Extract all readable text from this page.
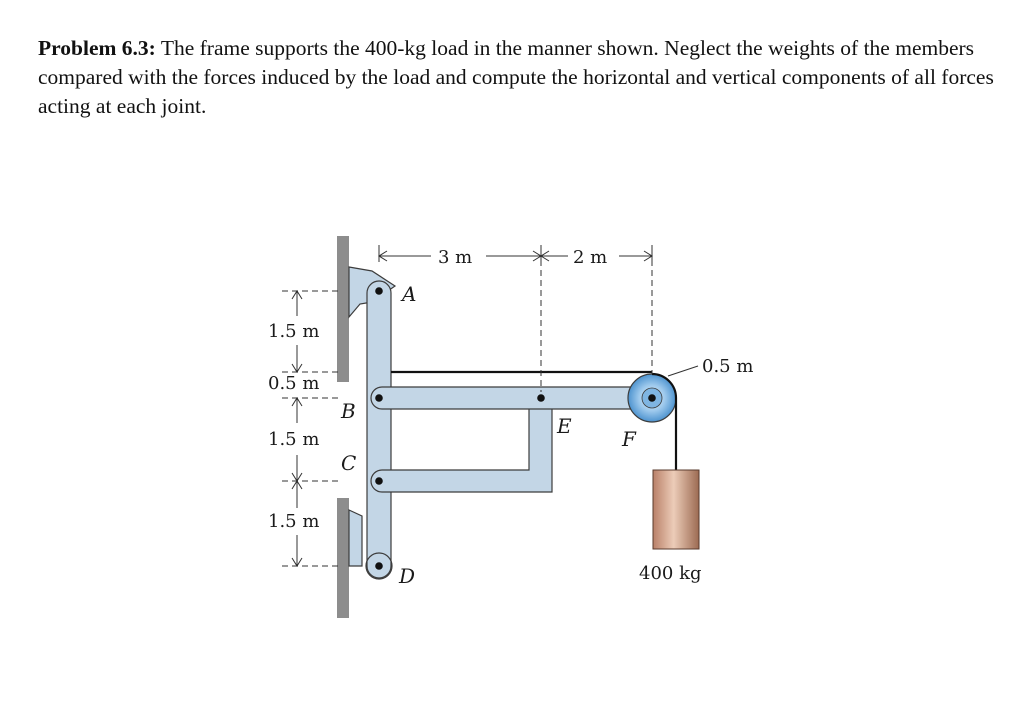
Problem 6.3: The frame supports the 400-kg load in the manner shown. Neglect the weights of the members compared with the forces induced by the load and compute the horizontal and vertical components of all forces acting at each joint.
3 m	2 m
1.5 m
0.5 m
1.5 m
1.5 m
0.5 m
A
B
C
D
E
F
400 kg
